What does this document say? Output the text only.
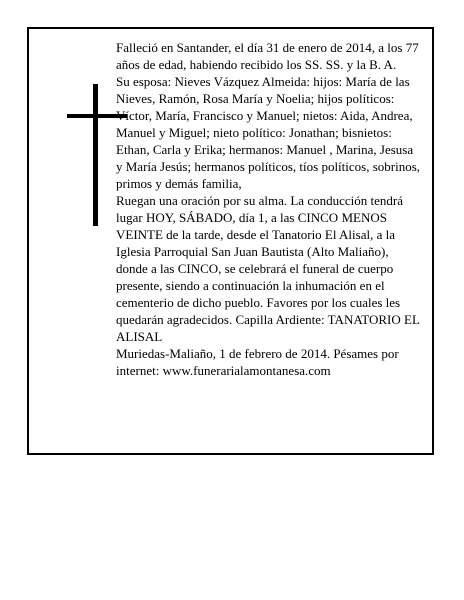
Falleció en Santander, el día 31 de enero de 2014, a los 77 años de edad, habiendo recibido los SS. SS. y la B. A.

Su esposa: Nieves Vázquez Almeida: hijos: María de las Nieves, Ramón, Rosa María y Noelia; hijos políticos: Víctor, María, Francisco y Manuel; nietos: Aida, Andrea, Manuel y Miguel; nieto político: Jonathan; bisnietos: Ethan, Carla y Erika; hermanos: Manuel , Marina, Jesusa y María Jesús; hermanos políticos, tíos políticos, sobrinos, primos y demás familia,

Ruegan una oración por su alma. La conducción tendrá lugar HOY, SÁBADO, día 1, a las CINCO MENOS VEINTE de la tarde, desde el Tanatorio El Alisal, a la Iglesia Parroquial San Juan Bautista (Alto Maliaño), donde a las CINCO, se celebrará el funeral de cuerpo presente, siendo a continuación la inhumación en el cementerio de dicho pueblo. Favores por los cuales les quedarán agradecidos. Capilla Ardiente: TANATORIO EL ALISAL

Muriedas-Maliaño, 1 de febrero de 2014. Pésames por internet: www.funerarialamontanesa.com
